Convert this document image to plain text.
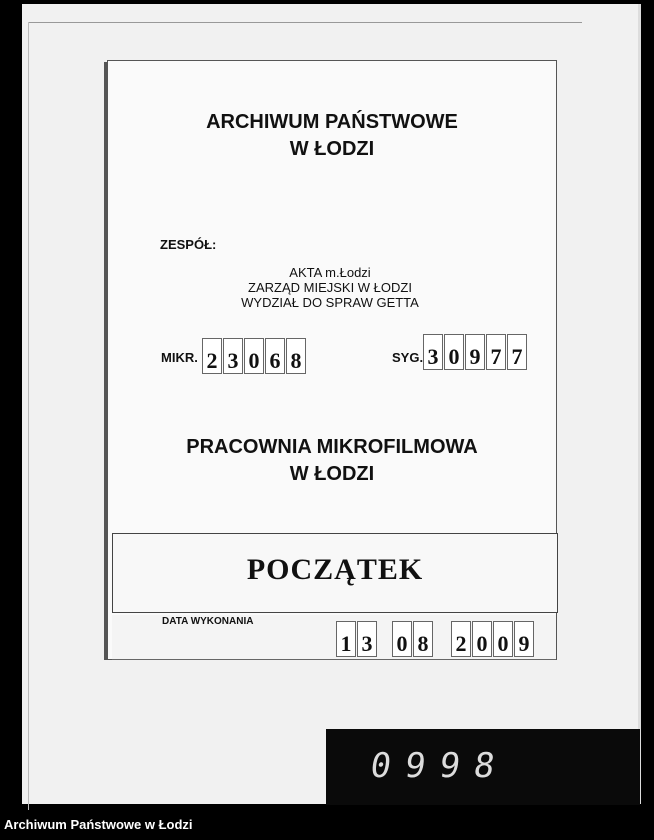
ARCHIWUM PAŃSTWOWE
W ŁODZI
ZESPÓŁ:
AKTA m.Łodzi
ZARZĄD MIEJSKI W ŁODZI
WYDZIAŁ DO SPRAW GETTA
MIKR. 2 3 0 6 8	SYG. 3 0 9 7 7
PRACOWNIA MIKROFILMOWA
W ŁODZI
POCZĄTEK
DATA WYKONANIA
1 3 0 8 2 0 0 9
0998
Archiwum Państwowe w Łodzi
